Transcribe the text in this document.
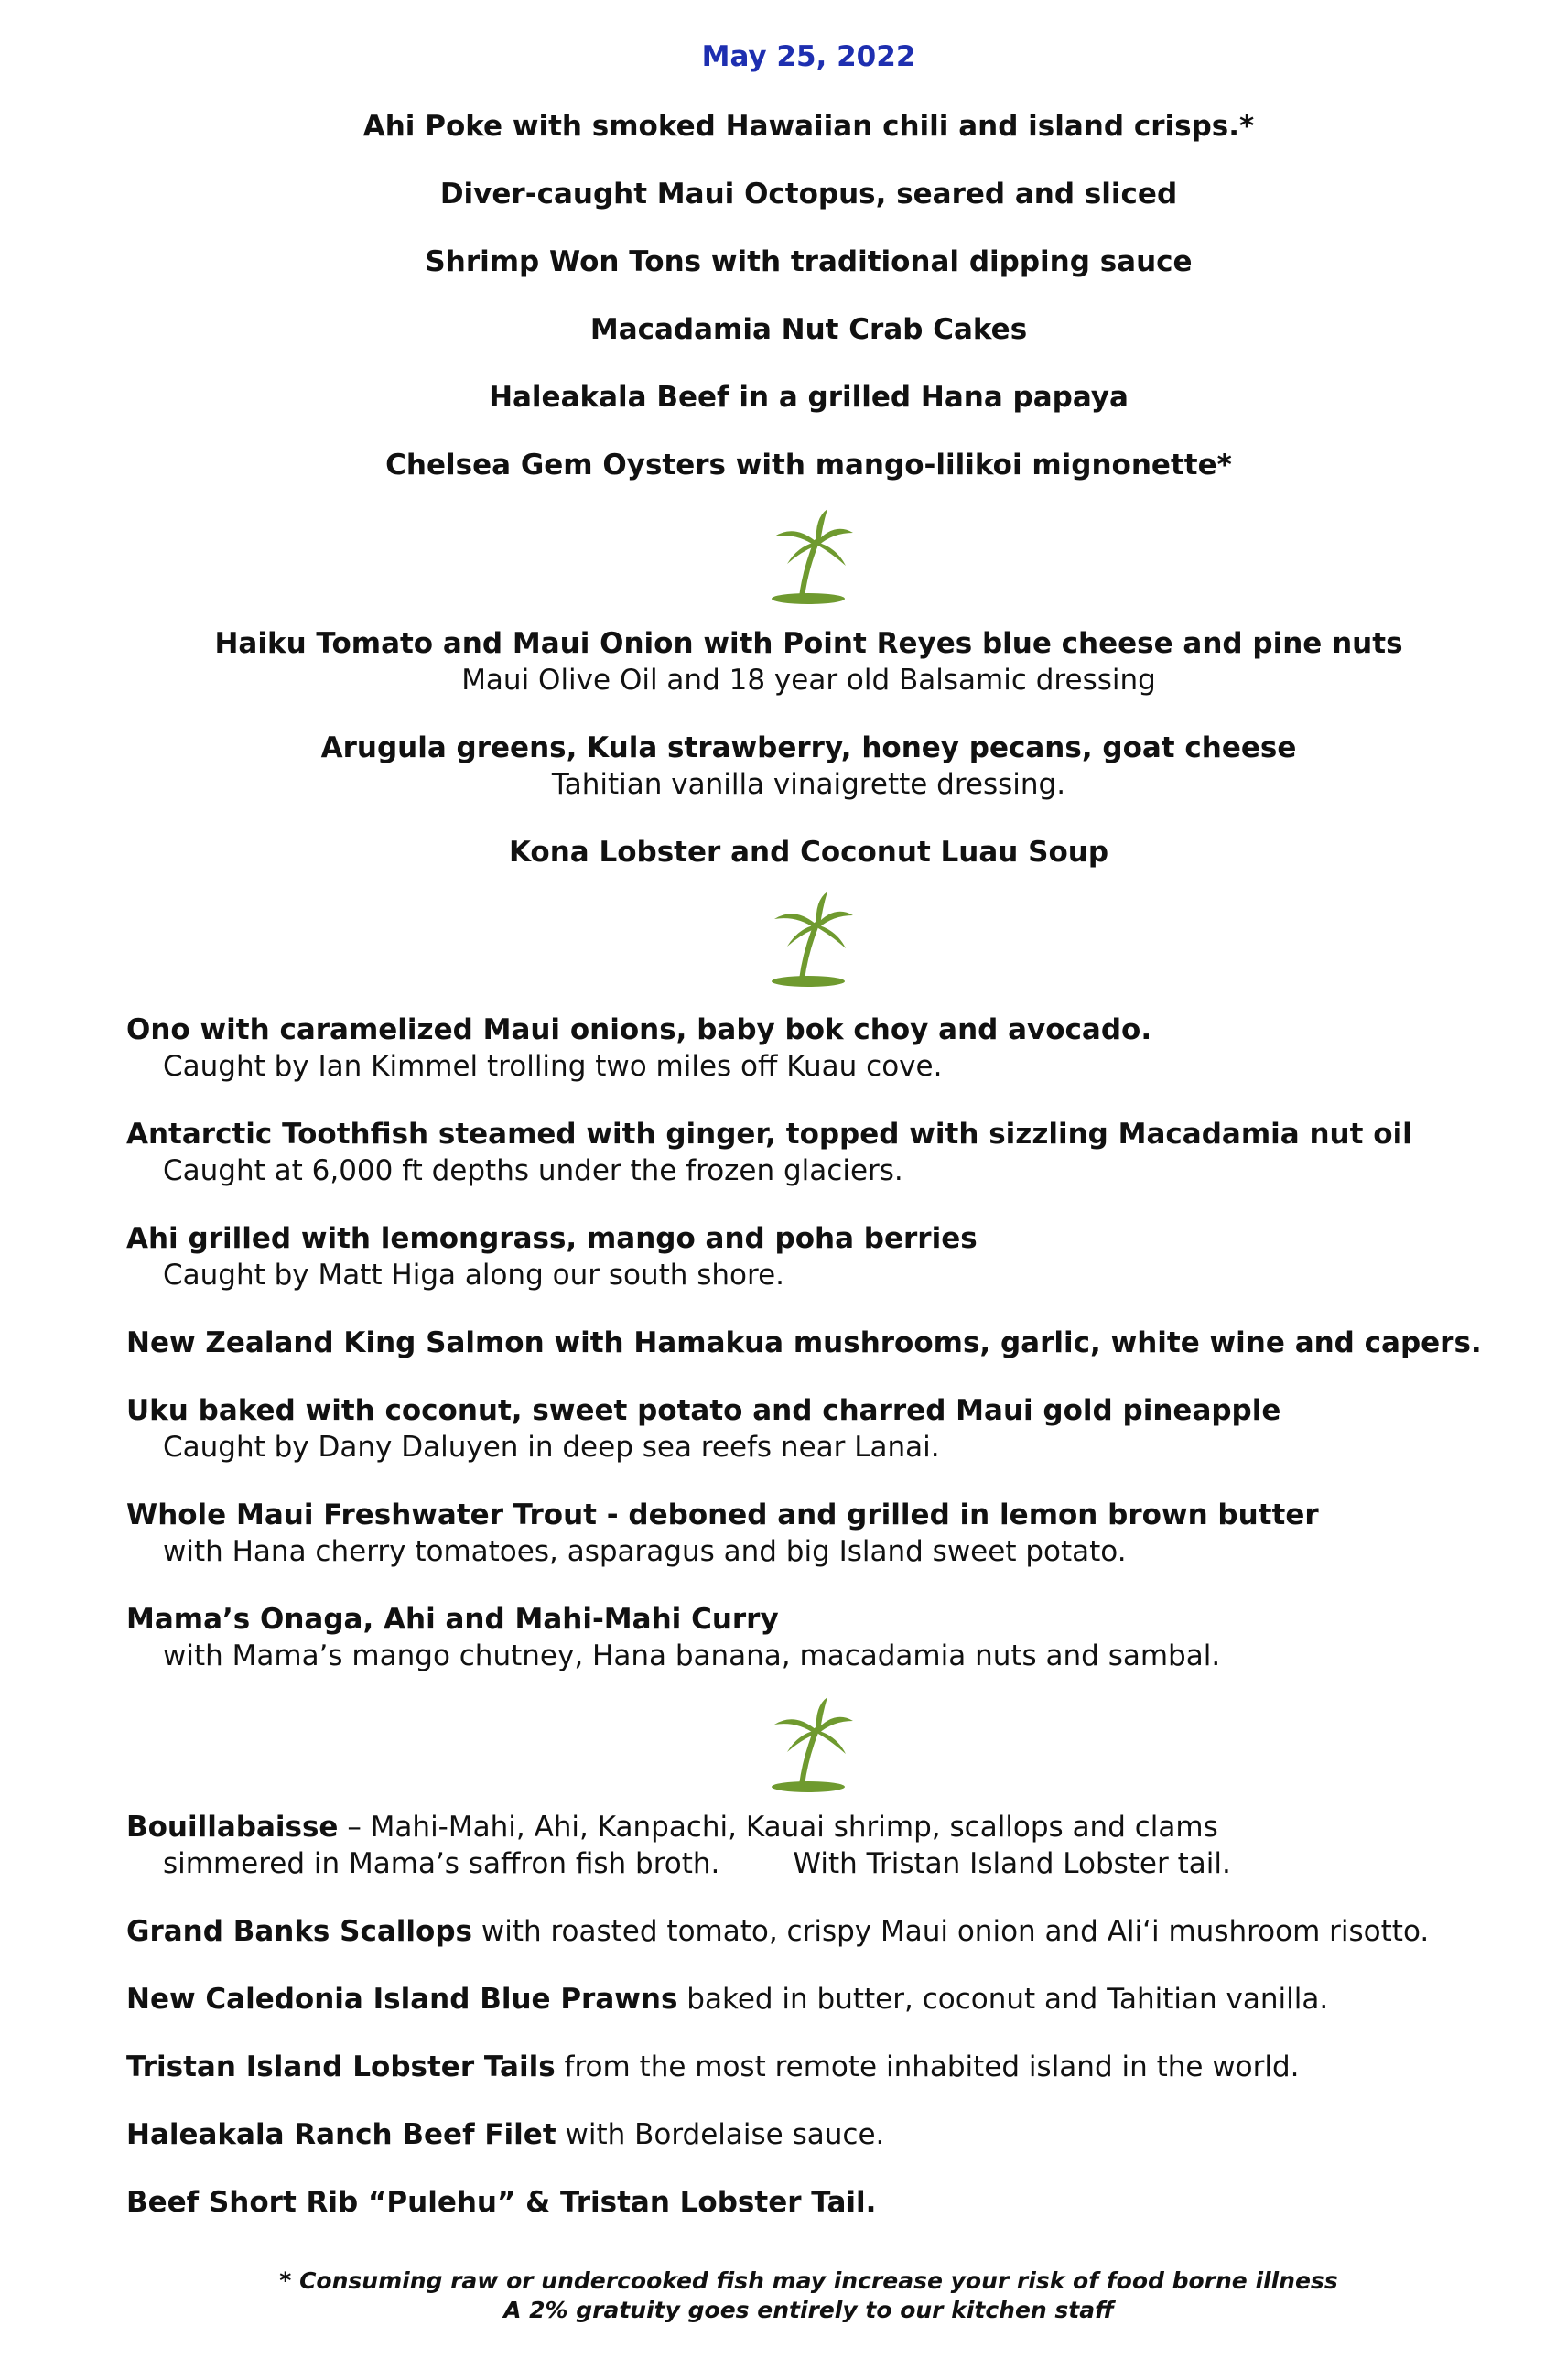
May 25, 2022
Ahi Poke with smoked Hawaiian chili and island crisps.*
Diver-caught Maui Octopus, seared and sliced
Shrimp Won Tons with traditional dipping sauce
Macadamia Nut Crab Cakes
Haleakala Beef in a grilled Hana papaya
Chelsea Gem Oysters with mango-lilikoi mignonette*
Haiku Tomato and Maui Onion with Point Reyes blue cheese and pine nuts
Maui Olive Oil and 18 year old Balsamic dressing
Arugula greens, Kula strawberry, honey pecans, goat cheese
Tahitian vanilla vinaigrette dressing.
Kona Lobster and Coconut Luau Soup
Ono with caramelized Maui onions, baby bok choy and avocado.
Caught by Ian Kimmel trolling two miles off Kuau cove.
Antarctic Toothfish steamed with ginger, topped with sizzling Macadamia nut oil
Caught at 6,000 ft depths under the frozen glaciers.
Ahi grilled with lemongrass, mango and poha berries
Caught by Matt Higa along our south shore.
New Zealand King Salmon with Hamakua mushrooms, garlic, white wine and capers.
Uku baked with coconut, sweet potato and charred Maui gold pineapple
Caught by Dany Daluyen in deep sea reefs near Lanai.
Whole Maui Freshwater Trout - deboned and grilled in lemon brown butter
with Hana cherry tomatoes, asparagus and big Island sweet potato.
Mama’s Onaga, Ahi and Mahi-Mahi Curry
with Mama’s mango chutney, Hana banana, macadamia nuts and sambal.
Bouillabaisse – Mahi-Mahi, Ahi, Kanpachi, Kauai shrimp, scallops and clams
simmered in Mama’s saffron fish broth.	With Tristan Island Lobster tail.
Grand Banks Scallops with roasted tomato, crispy Maui onion and Ali‘i mushroom risotto.
New Caledonia Island Blue Prawns baked in butter, coconut and Tahitian vanilla.
Tristan Island Lobster Tails from the most remote inhabited island in the world.
Haleakala Ranch Beef Filet with Bordelaise sauce.
Beef Short Rib “Pulehu” & Tristan Lobster Tail.
* Consuming raw or undercooked fish may increase your risk of food borne illness
A 2% gratuity goes entirely to our kitchen staff
